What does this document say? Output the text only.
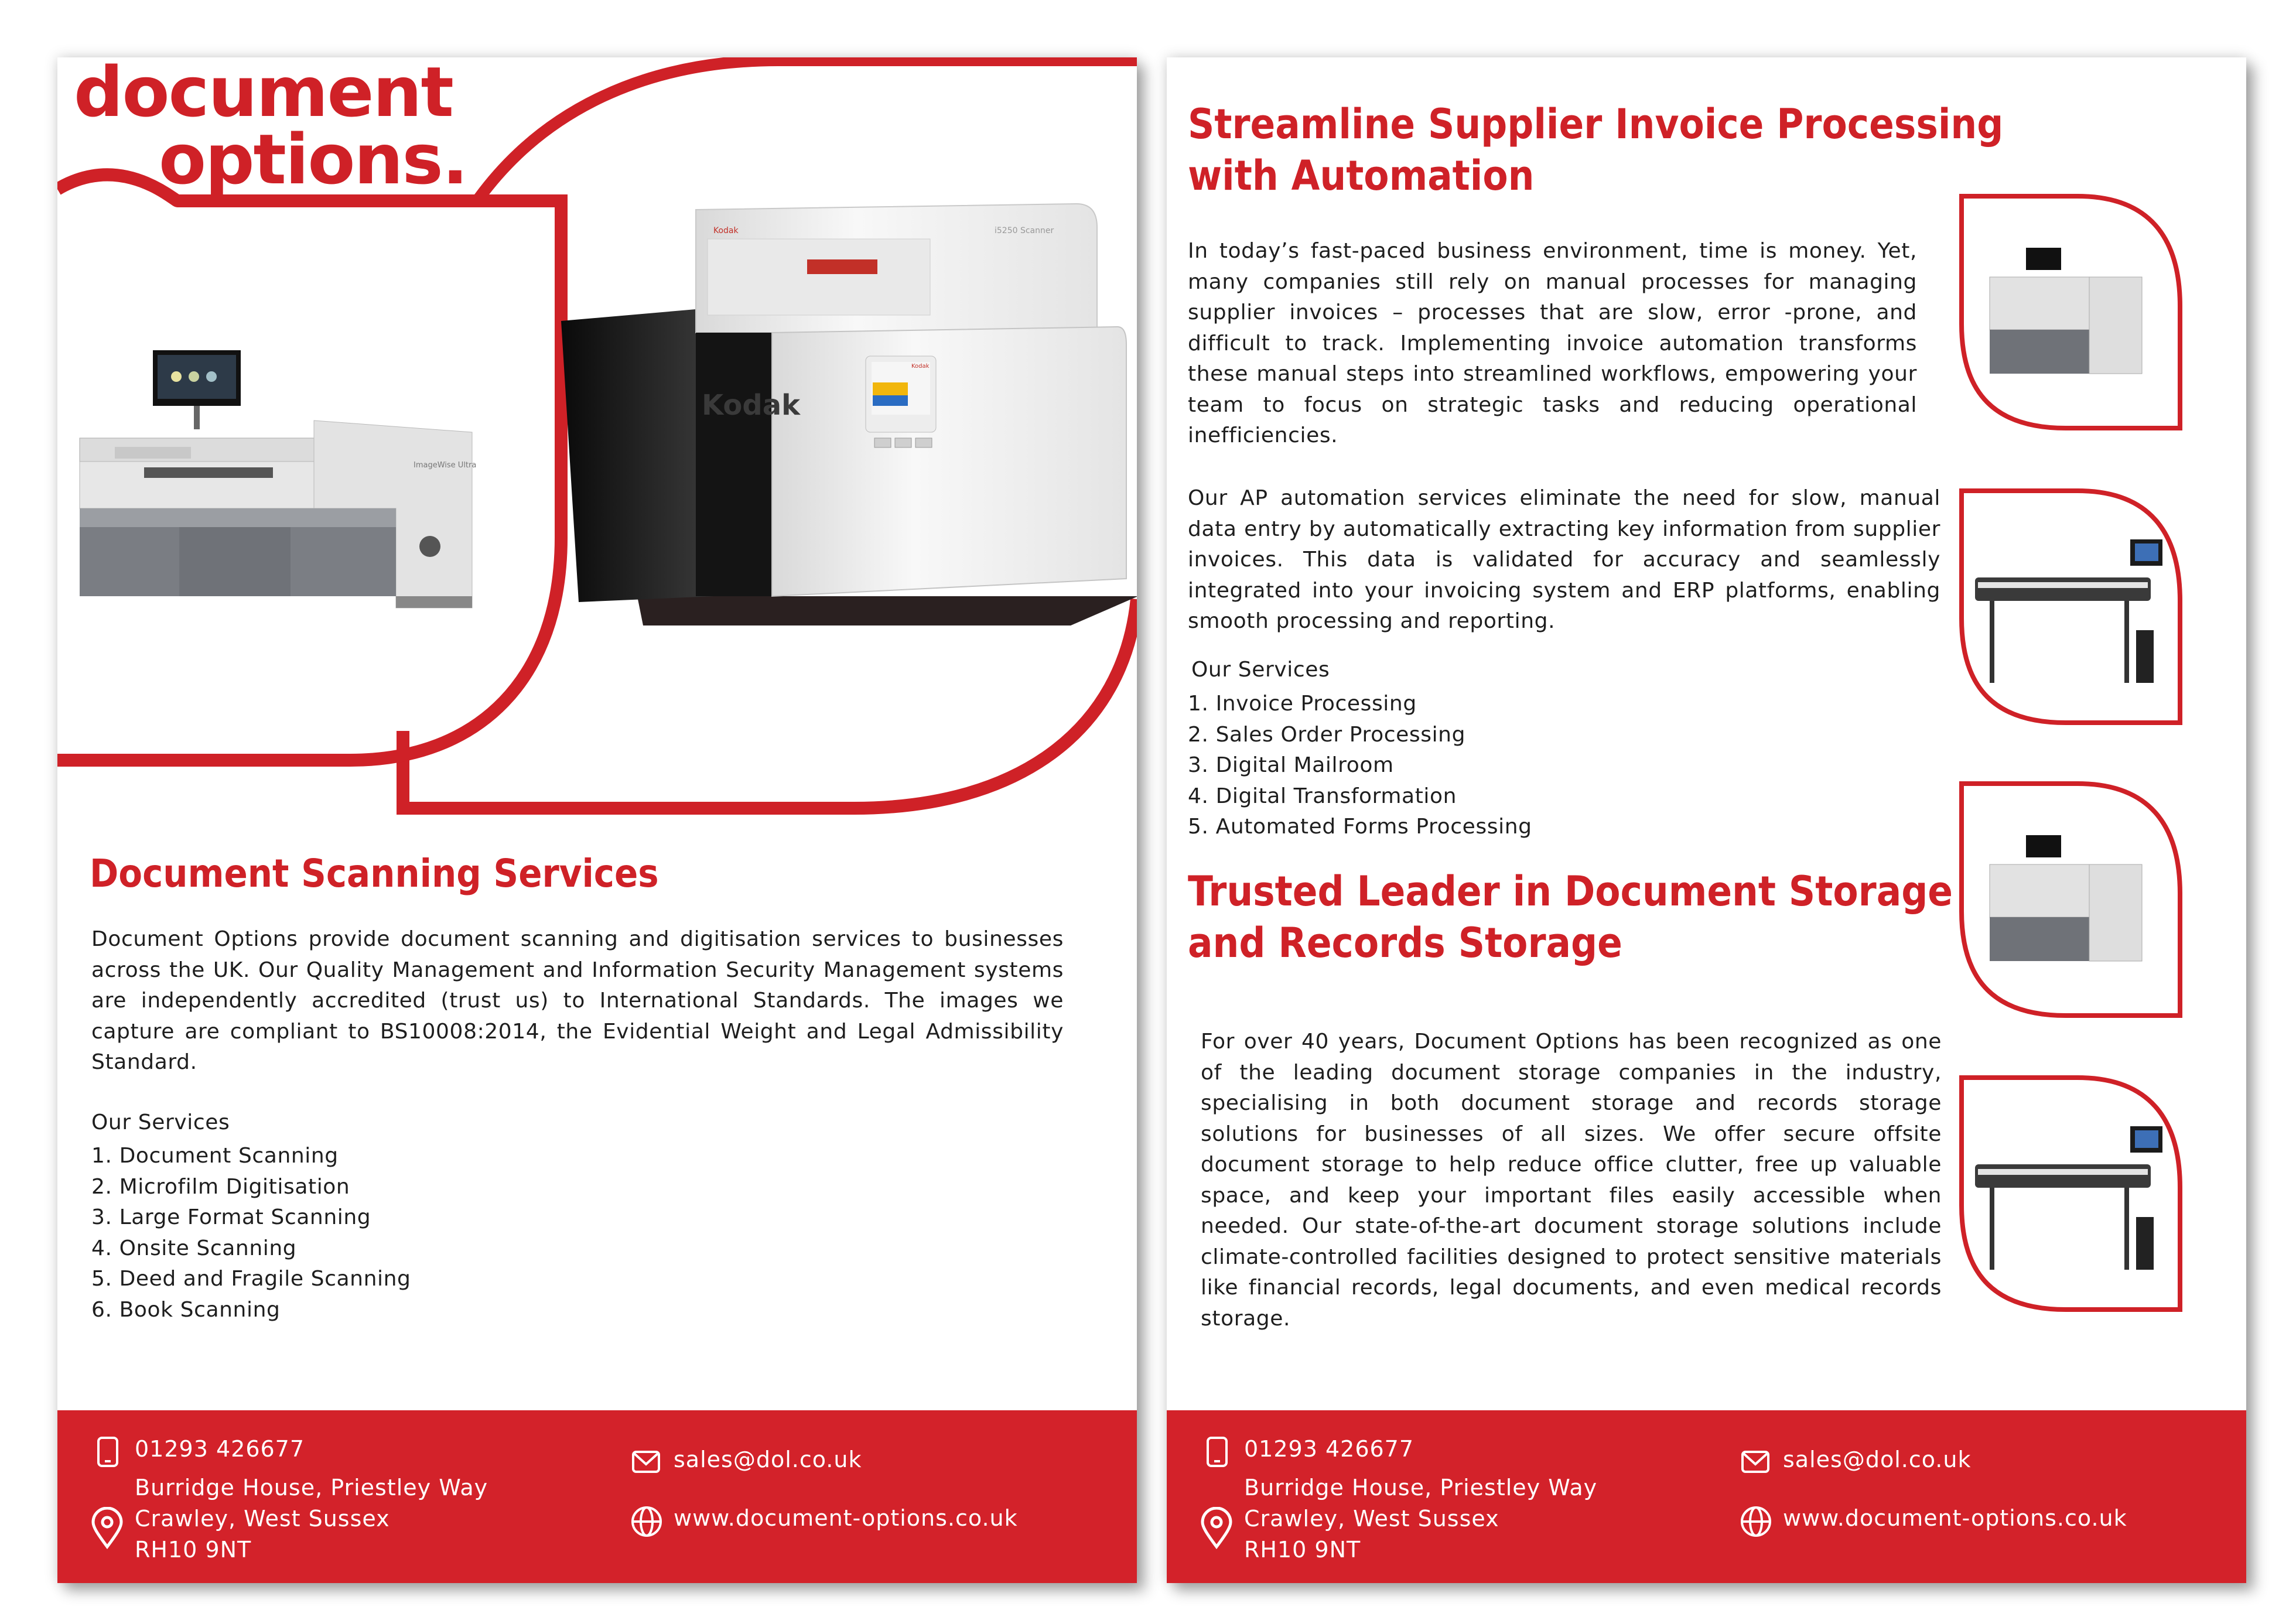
document
options.
Kodak	i5250 Scanner
Kodak
Kodak
ImageWise Ultra
Document Scanning Services
Document Options provide document scanning and digitisation services to businesses across the UK. Our Quality Management and Information Security Management systems are independently accredited (trust us) to International Standards. The images we capture are compliant to BS10008:2014, the Evidential Weight and Legal Admissibility Standard.
Our Services
1. Document Scanning
2. Microfilm Digitisation
3. Large Format Scanning
4. Onsite Scanning
5. Deed and Fragile Scanning
6. Book Scanning
01293 426677
Burridge House, Priestley Way
Crawley, West Sussex
RH10 9NT
sales@dol.co.uk
www.document-options.co.uk
Streamline Supplier Invoice Processing
with Automation
In today’s fast-paced business environment, time is money. Yet, many companies still rely on manual processes for managing supplier invoices – processes that are slow, error -prone, and difficult to track. Implementing invoice automation transforms these manual steps into streamlined workflows, empowering your team to focus on strategic tasks and reducing operational inefficiencies.
Our AP automation services eliminate the need for slow, manual data entry by automatically extracting key information from supplier invoices. This data is validated for accuracy and seamlessly integrated into your invoicing system and ERP platforms, enabling smooth processing and reporting.
Our Services
1. Invoice Processing
2. Sales Order Processing
3. Digital Mailroom
4. Digital Transformation
5. Automated Forms Processing
Trusted Leader in Document Storage
and Records Storage
For over 40 years, Document Options has been recognized as one of the leading document storage companies in the industry, specialising in both document storage and records storage solutions for businesses of all sizes. We offer secure offsite document storage to help reduce office clutter, free up valuable space, and keep your important files easily accessible when needed. Our state-of-the-art document storage solutions include climate-controlled facilities designed to protect sensitive materials like financial records, legal documents, and even medical records storage.
01293 426677
Burridge House, Priestley Way
Crawley, West Sussex
RH10 9NT
sales@dol.co.uk
www.document-options.co.uk
